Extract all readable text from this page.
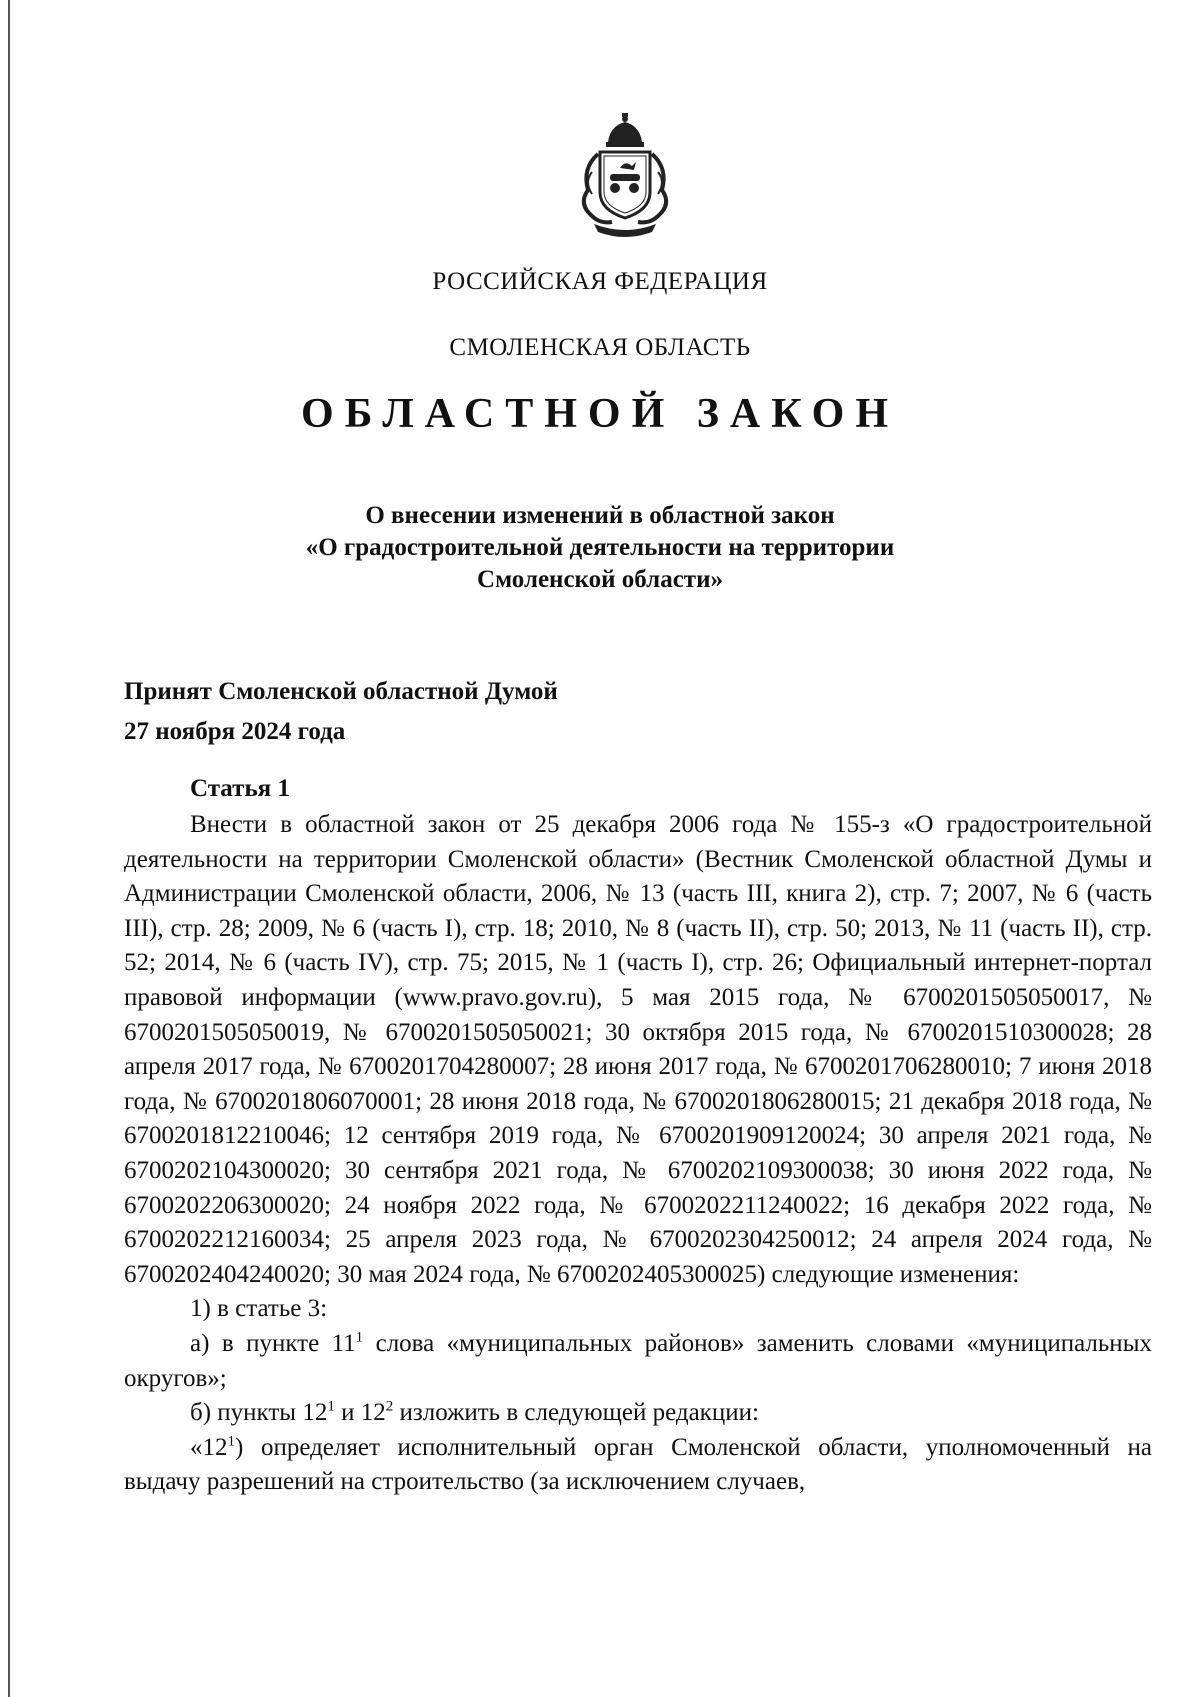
РОССИЙСКАЯ ФЕДЕРАЦИЯ
СМОЛЕНСКАЯ ОБЛАСТЬ
ОБЛАСТНОЙ ЗАКОН
О внесении изменений в областной закон
«О градостроительной деятельности на территории
Смоленской области»
Принят Смоленской областной Думой
27 ноября 2024 года
Статья 1

Внести в областной закон от 25 декабря 2006 года № 155-з «О градостроительной деятельности на территории Смоленской области» (Вестник Смоленской областной Думы и Администрации Смоленской области, 2006, № 13 (часть III, книга 2), стр. 7; 2007, № 6 (часть III), стр. 28; 2009, № 6 (часть I), стр. 18; 2010, № 8 (часть II), стр. 50; 2013, № 11 (часть II), стр. 52; 2014, № 6 (часть IV), стр. 75; 2015, № 1 (часть I), стр. 26; Официальный интернет-портал правовой информации (www.pravo.gov.ru), 5 мая 2015 года, № 6700201505050017, № 6700201505050019, № 6700201505050021; 30 октября 2015 года, № 6700201510300028; 28 апреля 2017 года, № 6700201704280007; 28 июня 2017 года, № 6700201706280010; 7 июня 2018 года, № 6700201806070001; 28 июня 2018 года, № 6700201806280015; 21 декабря 2018 года, № 6700201812210046; 12 сентября 2019 года, № 6700201909120024; 30 апреля 2021 года, № 6700202104300020; 30 сентября 2021 года, № 6700202109300038; 30 июня 2022 года, № 6700202206300020; 24 ноября 2022 года, № 6700202211240022; 16 декабря 2022 года, № 6700202212160034; 25 апреля 2023 года, № 6700202304250012; 24 апреля 2024 года, № 6700202404240020; 30 мая 2024 года, № 6700202405300025) следующие изменения:

1) в статье 3:

а) в пункте $11^1$ слова «муниципальных районов» заменить словами «муниципальных округов»;

б) пункты $12^1$ и $12^2$ изложить в следующей редакции:

«$12^1$) определяет исполнительный орган Смоленской области, уполномоченный на выдачу разрешений на строительство (за исключением случаев,
